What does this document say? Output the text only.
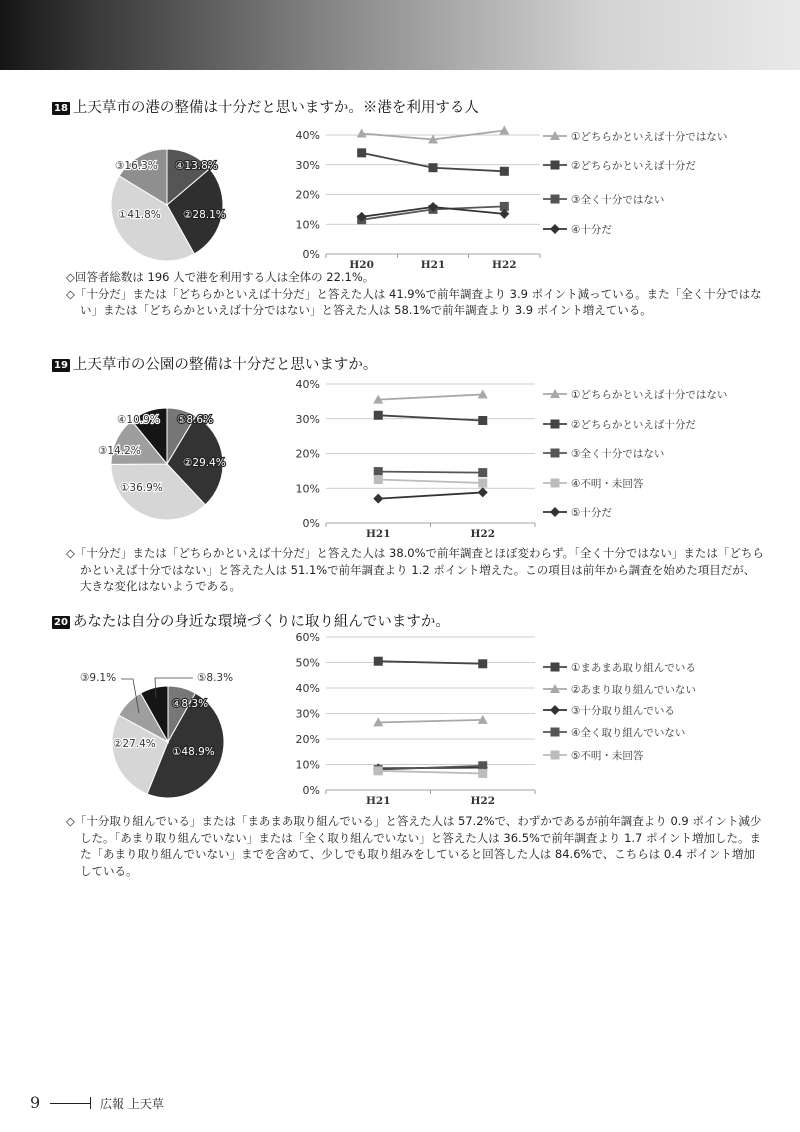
18 上天草市の港の整備は十分だと思いますか。※港を利用する人
④13.8%
②28.1%
①41.8%
③16.3%
0%
10%
20%
30%
40%
H20	H21	H22
①どちらかといえば十分ではない
②どちらかといえば十分だ
③全く十分ではない
④十分だ

◇回答者総数は 196 人で港を利用する人は全体の 22.1%。

◇「十分だ」または「どちらかといえば十分だ」と答えた人は 41.9%で前年調査より 3.9 ポイント減っている。また「全く十分ではない」または「どちらかといえば十分ではない」と答えた人は 58.1%で前年調査より 3.9 ポイント増えている。

19 上天草市の公園の整備は十分だと思いますか。
⑤8.6%
②29.4%
①36.9%
③14.2%
④10.9%
0%
10%
20%
30%
40%
H21	H22
①どちらかといえば十分ではない
②どちらかといえば十分だ
③全く十分ではない
④不明・未回答
⑤十分だ

◇「十分だ」または「どちらかといえば十分だ」と答えた人は 38.0%で前年調査とほぼ変わらず。「全く十分ではない」または「どちらかといえば十分ではない」と答えた人は 51.1%で前年調査より 1.2 ポイント増えた。この項目は前年から調査を始めた項目だが、大きな変化はないようである。

20 あなたは自分の身近な環境づくりに取り組んでいますか。
④8.3%
①48.9%
②27.4%
③9.1%	⑤8.3%
0%
10%
20%
30%
40%
50%
60%
H21	H22
①まあまあ取り組んでいる
②あまり取り組んでいない
③十分取り組んでいる
④全く取り組んでいない
⑤不明・未回答

◇「十分取り組んでいる」または「まあまあ取り組んでいる」と答えた人は 57.2%で、わずかであるが前年調査より 0.9 ポイント減少した。「あまり取り組んでいない」または「全く取り組んでいない」と答えた人は 36.5%で前年調査より 1.7 ポイント増加した。また「あまり取り組んでいない」までを含めて、少しでも取り組みをしていると回答した人は 84.6%で、こちらは 0.4 ポイント増加している。

9	広報 上天草
